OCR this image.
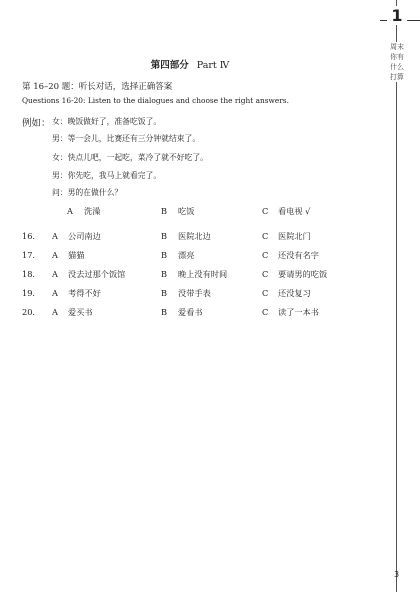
1
周末你有什么打算
第四部分 Part Ⅳ
第 16–20 题：听长对话，选择正确答案
Questions 16-20: Listen to the dialogues and choose the right answers.
例如： 女：晚饭做好了，准备吃饭了。
男：等一会儿，比赛还有三分钟就结束了。
女：快点儿吧，一起吃，菜冷了就不好吃了。
男：你先吃，我马上就看完了。
问：男的在做什么？
A 洗澡	B 吃饭	C 看电视 √
16. A 公司南边	B 医院北边	C 医院北门
17. A 猫猫	B 漂亮	C 还没有名字
18. A 没去过那个饭馆	B 晚上没有时间	C 要请男的吃饭
19. A 考得不好	B 没带手表	C 还没复习
20. A 爱买书	B 爱看书	C 读了一本书
3
